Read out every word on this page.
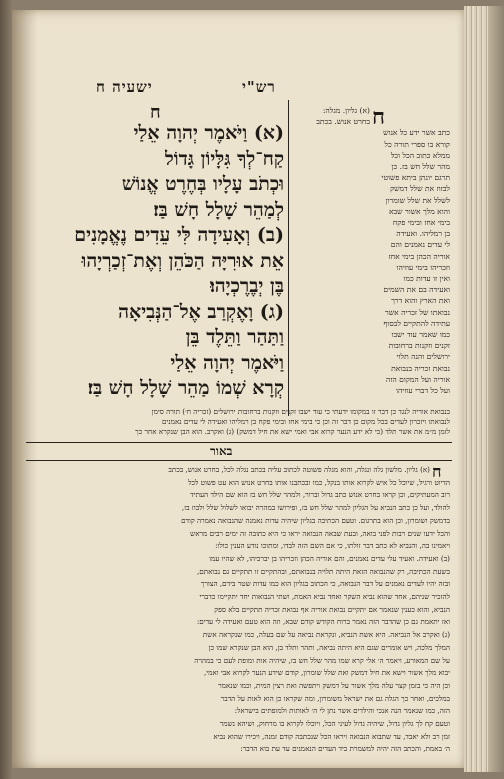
רש"י
ישעיה ח
ח	ח
(א) גליון. מגלה:
בחרט אנוש. בכתב
כתב אשר ידע כל אנוש
קורא בו ספרי תורה כל
ממלא כתוב הכל וכל
מהר שלל חש בז. כן
תרגם יונתן ביתא פשוטי
לבזוז את שלל דמשק
לשלל את שלל שומרון
והוא מלך אשור שבא
בימי אחז ובימי פקח
בן רמליהו. ואעידה
לי עדים נאמנים והם
אוריה הכהן בימי אחז
וזכריהו בימי עוזיהו
ואין זו עדות כמו
ואעידה בם את השמים
ואת הארץ והוא דרך
נבואתו של זכריה אשר
עתידה להתקיים לבסוף
כמו שאמר עוד ישבו
זקנים וזקנות ברחובות
ירושלים והנה תלוי
נבואת זכריה בנבואת
אוריה ועל המקום הזה
ועל כל דברי עוזיהו
(א) וַיֹּאמֶר יְהוָה אֵלַי
קַח־לְךָ גִּלָּיוֹן גָּדוֹל
וּכְתֹב עָלָיו בְּחֶרֶט אֱנוֹשׁ
לְמַהֵר שָׁלָל חָשׁ בַּז׃
(ב) וְאָעִידָה לִּי עֵדִים נֶאֱמָנִים
אֵת אוּרִיָּה הַכֹּהֵן וְאֶת־זְכַרְיָהוּ
בֶּן יְבֶרֶכְיָהוּ׃
(ג) וָאֶקְרַב אֶל־הַנְּבִיאָה
וַתַּהַר וַתֵּלֶד בֵּן
וַיֹּאמֶר יְהוָה אֵלַי
קְרָא שְׁמוֹ מַהֵר שָׁלָל חָשׁ בַּז׃
בנבואת אוריה לנגד כן דבר זו במקומו ידעתי כי עוד ישבו זקנים וזקנות ברחובות ירושלים (זכריה ח׳) תורה סימן
לנבואתו ויזכרון לעדים בכל מקום כן דבר זה וכן כי בימי אחז ובימי פקח בן רמליהו ואעידה לי עדים נאמנים
לזמן מ״מ את אשר תלד (כי לא ידע הנער קרוא אבי ואמי ישא את חיל דמשק) (ג) ואקרב. הוא הבן שנקרא אחר כך
באור
ח
(א) גליון. מלשון גלה ונגלה, והוא מגלה פשוטה לכתוב עליה בכתב נגלה לכל, בחרט אנוש, בכתב
הדיוט ורגיל, שיוכל כל איש לקרוא אותו בנקל, כמו ובכתבנו אותו בחרט אנוש הוא עט פשוט לכל
רוב המעתיקים, וכן קראו בחרט אנוש כתב גדול וברור, ולמהר שלל חש בז הוא שם הילד העתיד
להולד, ועל כן כתב הנביא על הגליון למהר שלל חש בז, ופירושו במהרה יבואו לשלול שלל ולבוז בז,
בדמשק ושומרון, וכן הוא בתרגום. וטעם הכתיבה בגליון שיהיה עדות נאמנה שהנבואה נאמרה קודם
והכל ידעו שנים רבות לפני בואה, ובעת שבאה הנבואה יראו כי היא כתובה זה ימים רבים מראש
ויאמינו בה, והנביא לא כתב דבר זולתו, כי אם השם הזה לבדו, ומתוכו נודע הענין כולו:
(ב) ואעידה. ואעיד עלי עדים נאמנים, והם אוריה הכהן וזכריהו בן יברכיהו, לא שהיו עמו
בשעת הכתיבה, רק שהנבואה הזאת היתה תלויה בנבואתם, ובהתקיים זו תתקיים גם נבואתם,
ובזה יהיו לעדים נאמנים על דבר הנבואה, כי הכתוב בגליון הוא כמו עדות שטר בידם, הצורך
להזכיר שניהם, אחד שהוא נביא השקר ואחד נביא האמת, ושתי הנבואות יחד יתקיימו כדברי
הנביא, והוא כענין שנאמר אם יתקיים נבואת אוריה אף נבואת זכריה תתקיים בלא ספק
ואז יתאמת גם כן שהדבר הזה נאמר ברוח הקודש קודם שבא, וזה הוא טעם ואעידה לי עדים:
(ג) ואקרב אל הנביאה. היא אשת הנביא, ונקראת נביאה על שם בעלה, כמו שנקראה אשת
המלך מלכה, ויש אומרים שגם היא היתה נביאה, ותהר ותלד בן, הוא הבן שנקרא שמו כן
על שם המאורע, ויאמר ה׳ אלי קרא שמו מהר שלל חש בז, שיהיה אות ומופת לעם כי במהרה
יבוא מלך אשור וישא את חיל דמשק ואת שלל שומרון, קודם שידע הנער לקרוא אבי ואמי,
וכן היה כי בזמן קצר עלה מלך אשור על דמשק ויתפשה ואת רצין המית, וכמו שנאמר
במלכים, ואחר כך הגלה גם את ישראל משומרון, ומה שקראו כן הוא לאות על הדבר
הזה, כמו שנאמר הנה אנכי והילדים אשר נתן לי ה׳ לאותות ולמופתים בישראל:
וטעם קח לך גליון גדול, שיהיה גדול לעיני הכל, ויוכלו לקרוא בו מרחוק, ושיהא נשמר
זמן רב ולא יאבד, עד שתבוא הנבואה ויראו הכל שנכתבה קודם זמנה, ויכירו שהוא נביא
ה׳ באמת, והכתב הזה יהיה למשמרת ביד העדים הנאמנים עד עת בוא הדבר:
